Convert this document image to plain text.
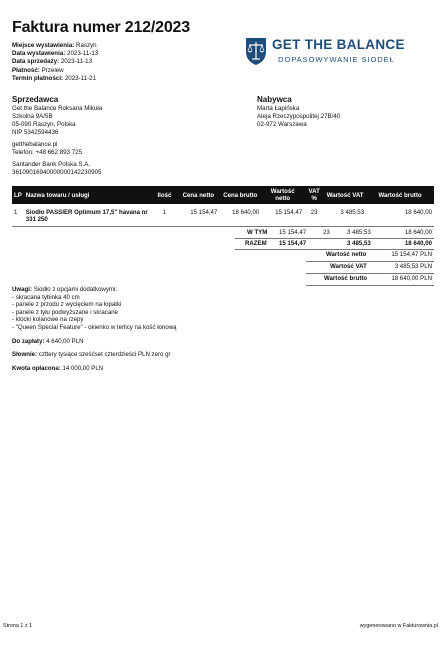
Faktura numer 212/2023
Miejsce wystawienia: Raszyn
Data wystawienia: 2023-11-13
Data sprzedaży: 2023-11-13
Płatność: Przelew
Termin płatności: 2023-11-21
GET THE BALANCE
DOPASOWYWANIE SIODEŁ
Sprzedawca
Get the Balance Roksana Mikuła
Szkolna 9A/5B
05-090 Raszyn, Polska
NIP 5342594436
getthebalance.pl
Telefon: +48 662 893 725
Santander Bank Polska S.A.
36109016940000000142230905
Nabywca
Marta Łapińska
Aleja Rzeczypospolitej 27B/40
02-972 Warszawa
LP	Nazwa towaru / usługi	Ilość	Cena netto	Cena brutto	Wartość netto	VAT %	Wartość VAT	Wartość brutto
1	Siodło PASSIER Optimum 17,5" havana nr 331 250	1	15 154,47	18 640,00	15 154,47	23	3 485,53	18 640,00
W TYM 15 154,47	23	3 485,53	18 640,00
RAZEM 15 154,47	3 485,53	18 640,00
Wartość netto	15 154,47 PLN
Wartość VAT	3 485,53 PLN
Wartość brutto	18 640,00 PLN
Uwagi: Siodło z opcjami dodatkowymi:
- skracana tybinka 40 cm
- panele z przodu z wycięciem na łopatki
- panele z tyłu podwyższane i skracane
- klocki kolanowe na rzepy
- "Queen Special Feature" - okienko w terlicy na kość łonową
Do zapłaty: 4 640,00 PLN
Słownie: czttery tysiące sześćset czterdzieści PLN zero gr
Kwota opłacona: 14 000,00 PLN
Strona 1 z 1	wygenerowano w Fakturownia.pl
